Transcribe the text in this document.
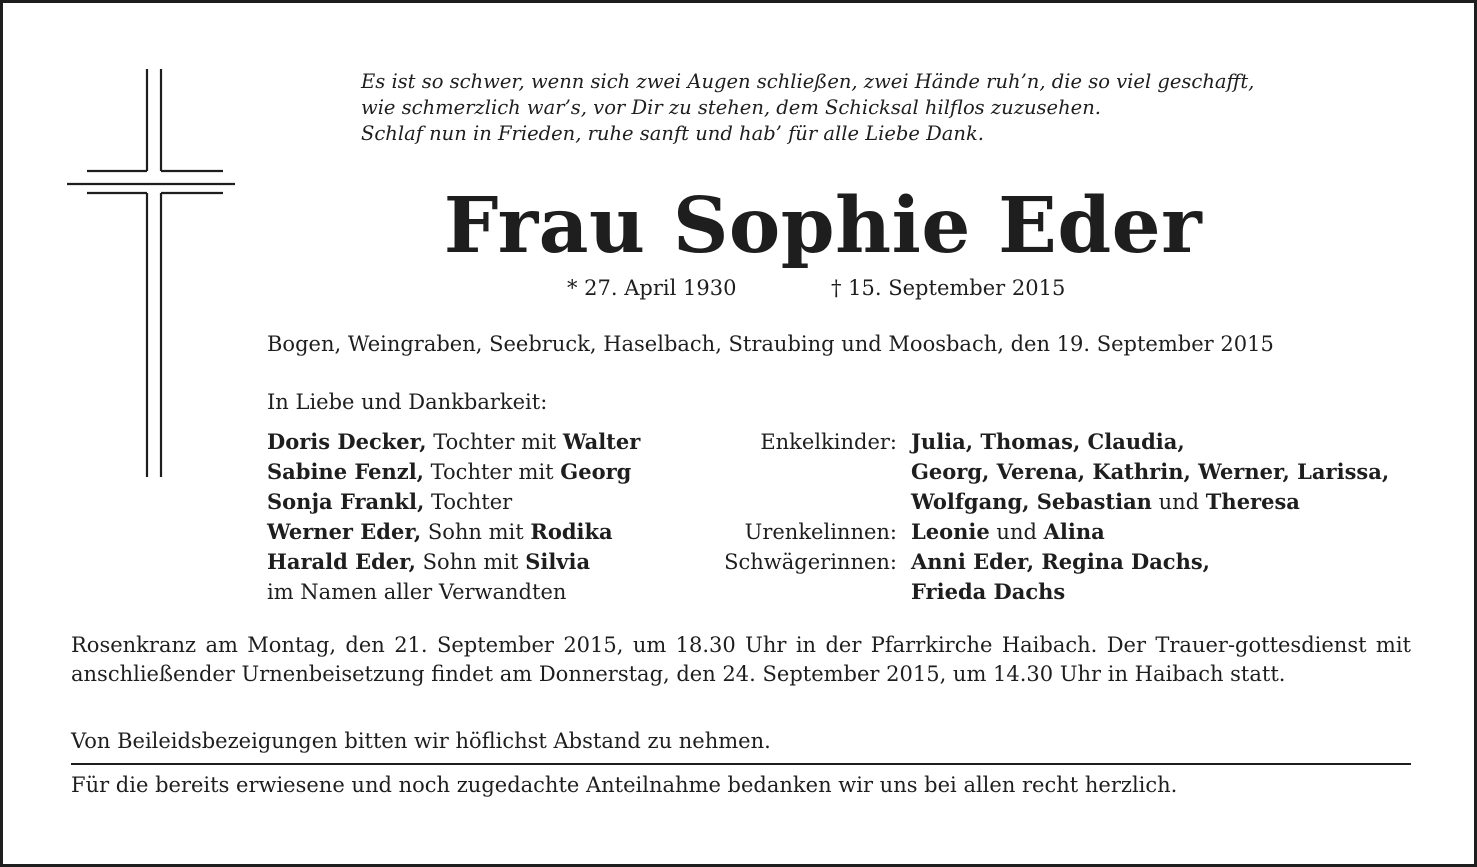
Es ist so schwer, wenn sich zwei Augen schließen, zwei Hände ruh’n, die so viel geschafft,
wie schmerzlich war’s, vor Dir zu stehen, dem Schicksal hilflos zuzusehen.
Schlaf nun in Frieden, ruhe sanft und hab’ für alle Liebe Dank.
Frau Sophie Eder
* 27. April 1930	† 15. September 2015
Bogen, Weingraben, Seebruck, Haselbach, Straubing und Moosbach, den 19. September 2015
In Liebe und Dankbarkeit:
Doris Decker, Tochter mit Walter
Sabine Fenzl, Tochter mit Georg
Sonja Frankl, Tochter
Werner Eder, Sohn mit Rodika
Harald Eder, Sohn mit Silvia
im Namen aller Verwandten
Enkelkinder:
Urenkelinnen:
Schwägerinnen:
Julia, Thomas, Claudia,
Georg, Verena, Kathrin, Werner, Larissa,
Wolfgang, Sebastian und Theresa
Leonie und Alina
Anni Eder, Regina Dachs,
Frieda Dachs
Rosenkranz am Montag, den 21. September 2015, um 18.30 Uhr in der Pfarrkirche Haibach. Der Trauer-gottesdienst mit anschließender Urnenbeisetzung findet am Donnerstag, den 24. September 2015, um 14.30 Uhr in Haibach statt.
Von Beileidsbezeigungen bitten wir höflichst Abstand zu nehmen.
Für die bereits erwiesene und noch zugedachte Anteilnahme bedanken wir uns bei allen recht herzlich.
